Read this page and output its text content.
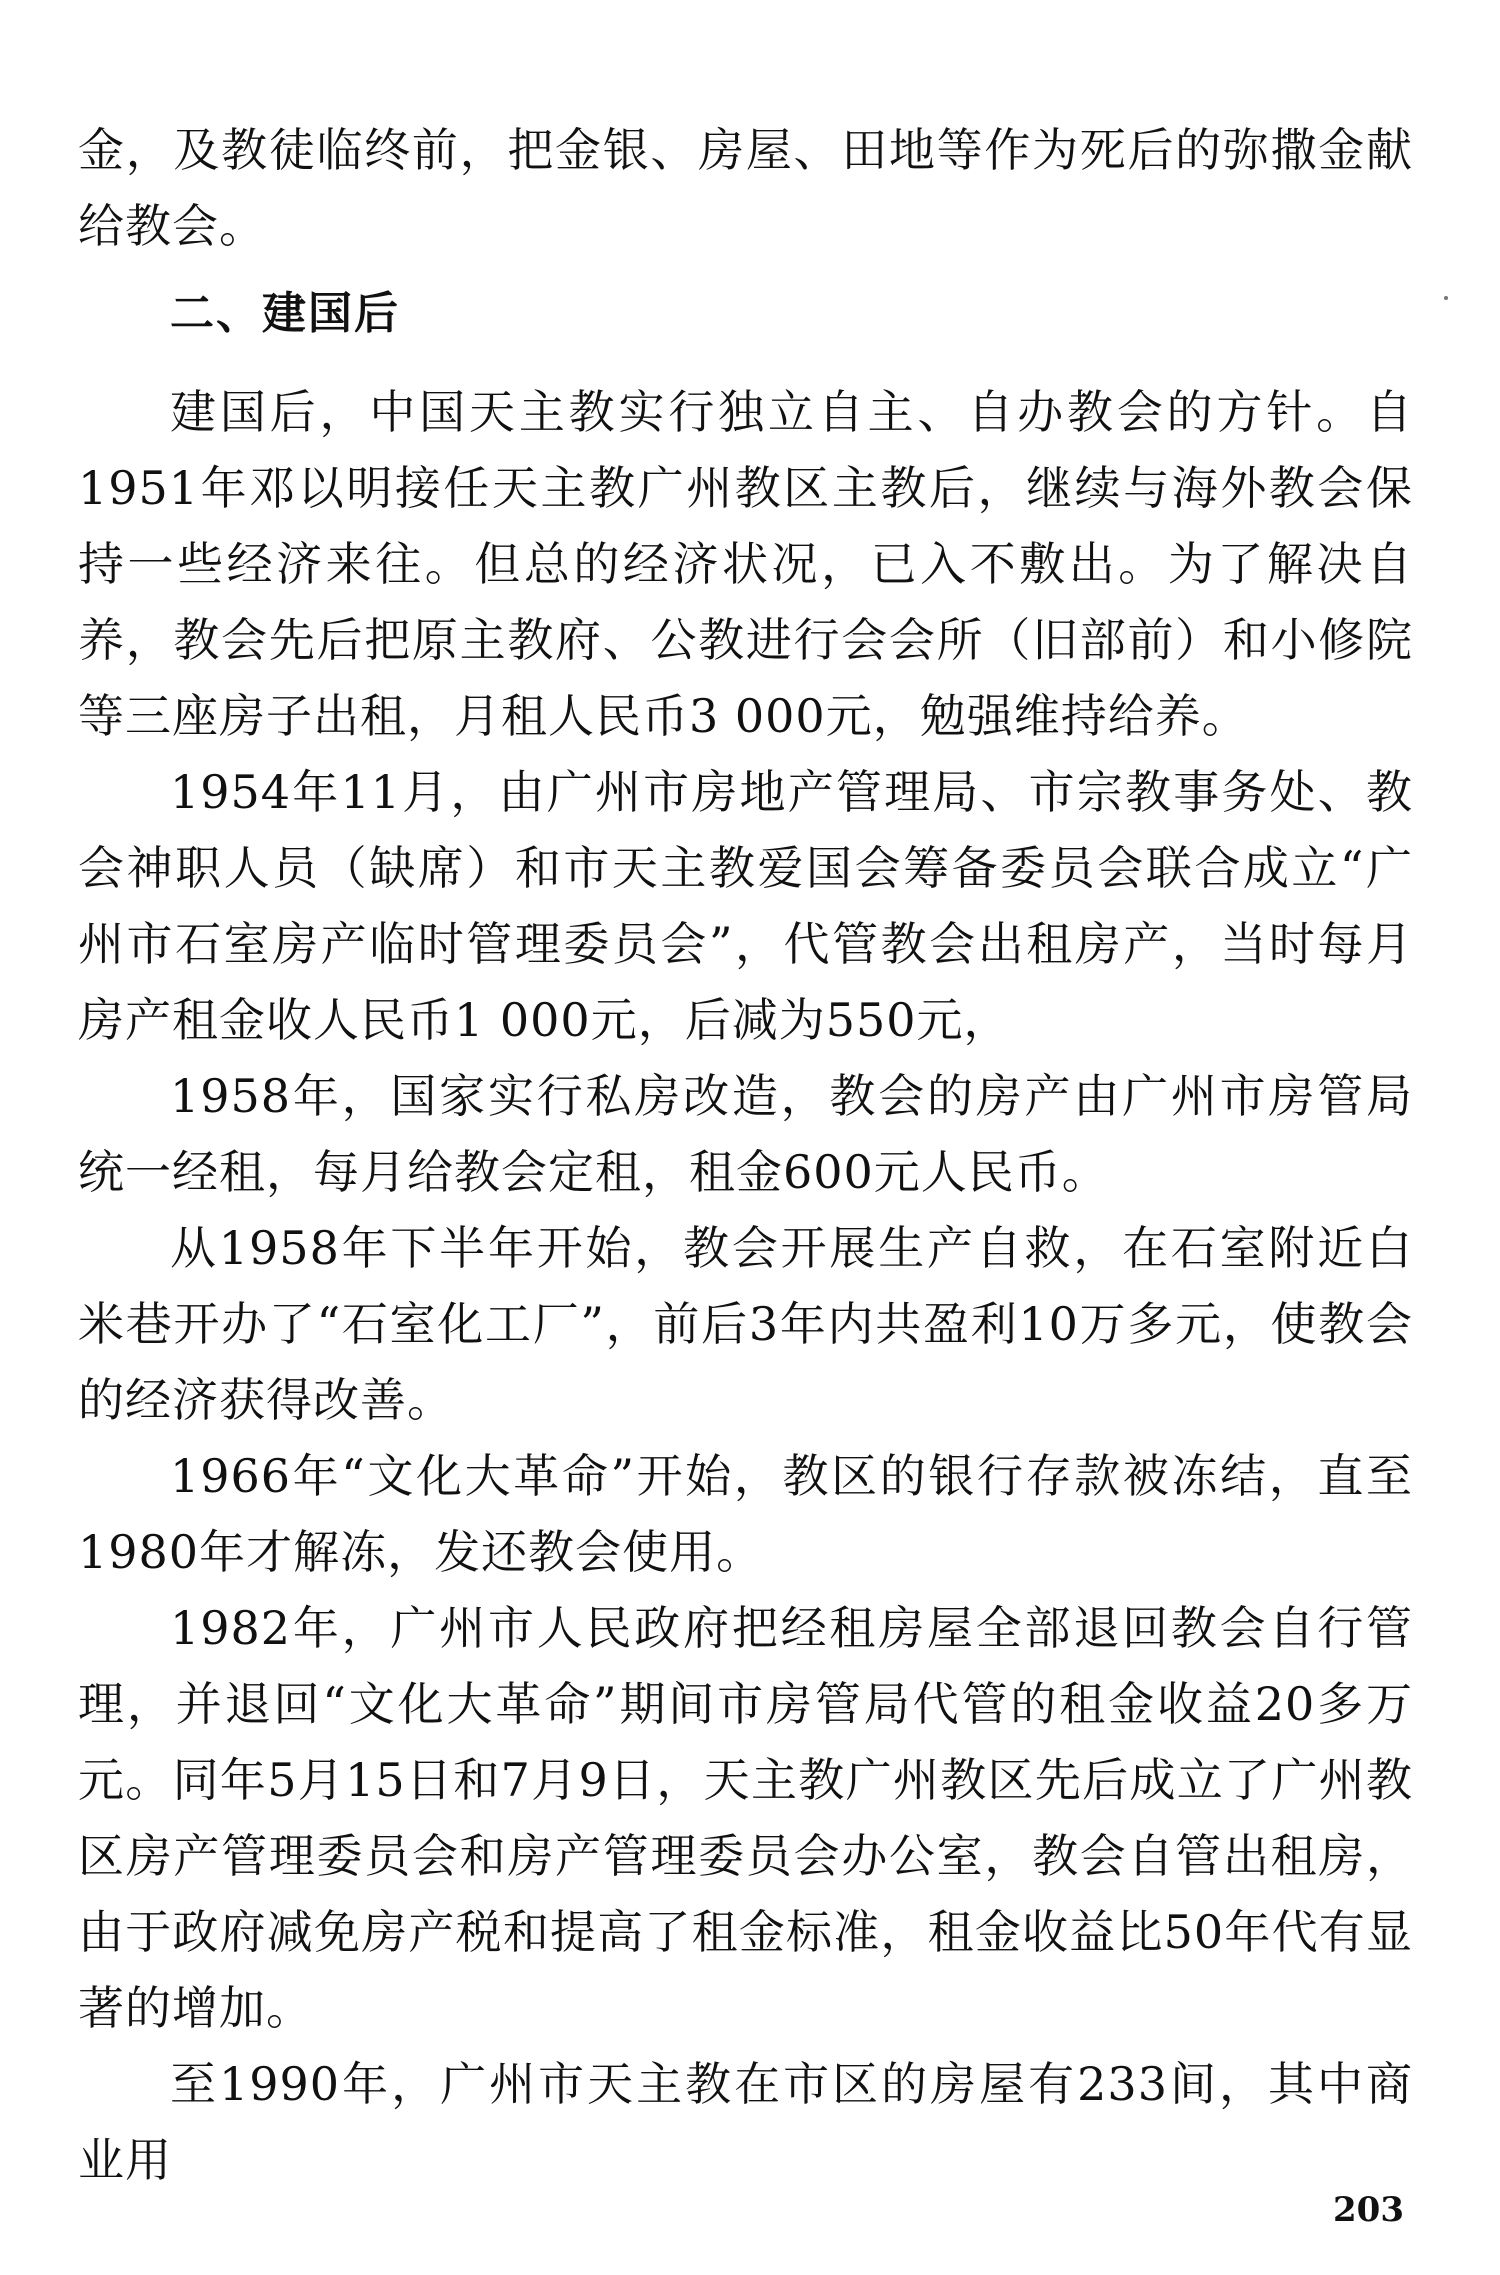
金，及教徒临终前，把金银、房屋、田地等作为死后的弥撒金献给教会。

二、建国后

建国后，中国天主教实行独立自主、自办教会的方针。自1951年邓以明接任天主教广州教区主教后，继续与海外教会保持一些经济来往。但总的经济状况，已入不敷出。为了解决自养，教会先后把原主教府、公教进行会会所（旧部前）和小修院等三座房子出租，月租人民币3 000元，勉强维持给养。

1954年11月，由广州市房地产管理局、市宗教事务处、教会神职人员（缺席）和市天主教爱国会筹备委员会联合成立“广州市石室房产临时管理委员会”，代管教会出租房产，当时每月房产租金收人民币1 000元，后减为550元，

1958年，国家实行私房改造，教会的房产由广州市房管局统一经租，每月给教会定租，租金600元人民币。

从1958年下半年开始，教会开展生产自救，在石室附近白米巷开办了“石室化工厂”，前后3年内共盈利10万多元，使教会的经济获得改善。

1966年“文化大革命”开始，教区的银行存款被冻结，直至1980年才解冻，发还教会使用。

1982年，广州市人民政府把经租房屋全部退回教会自行管理，并退回“文化大革命”期间市房管局代管的租金收益20多万元。同年5月15日和7月9日，天主教广州教区先后成立了广州教区房产管理委员会和房产管理委员会办公室，教会自管出租房，由于政府减免房产税和提高了租金标准，租金收益比50年代有显著的增加。

至1990年，广州市天主教在市区的房屋有233间，其中商业用

203
